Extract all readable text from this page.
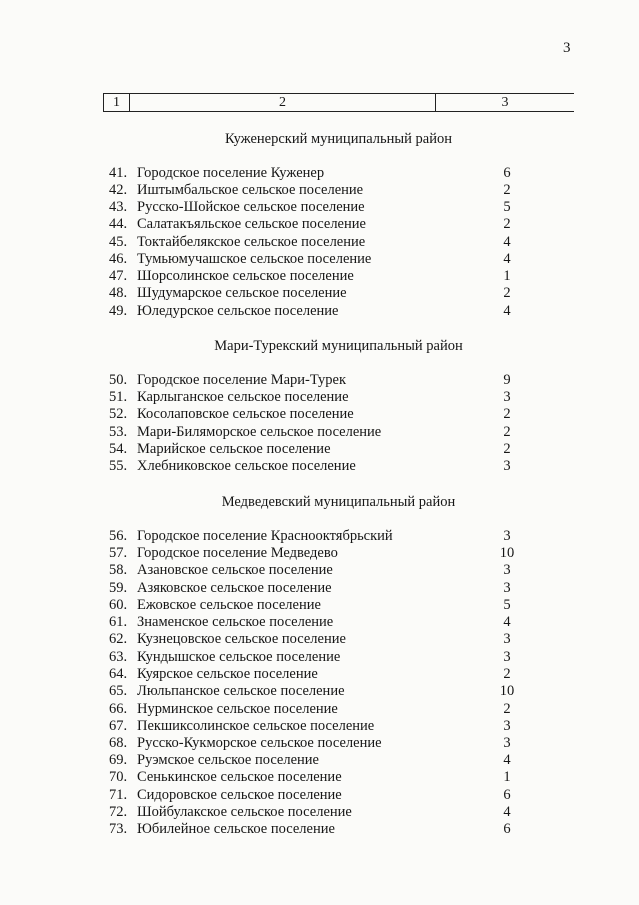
3
1	2	3
Куженерский муниципальный район
41. Городское поселение Куженер	6
42. Иштымбальское сельское поселение	2
43. Русско-Шойское сельское поселение	5
44. Салатакъяльское сельское поселение	2
45. Токтайбелякское сельское поселение	4
46. Тумьюмучашское сельское поселение	4
47. Шорсолинское сельское поселение	1
48. Шудумарское сельское поселение	2
49. Юледурское сельское поселение	4
Мари-Турекский муниципальный район
50. Городское поселение Мари-Турек	9
51. Карлыганское сельское поселение	3
52. Косолаповское сельское поселение	2
53. Мари-Биляморское сельское поселение	2
54. Марийское сельское поселение	2
55. Хлебниковское сельское поселение	3
Медведевский муниципальный район
56. Городское поселение Краснооктябрьский	3
57. Городское поселение Медведево	10
58. Азановское сельское поселение	3
59. Азяковское сельское поселение	3
60. Ежовское сельское поселение	5
61. Знаменское сельское поселение	4
62. Кузнецовское сельское поселение	3
63. Кундышское сельское поселение	3
64. Куярское сельское поселение	2
65. Люльпанское сельское поселение	10
66. Нурминское сельское поселение	2
67. Пекшиксолинское сельское поселение	3
68. Русско-Кукморское сельское поселение	3
69. Руэмское сельское поселение	4
70. Сенькинское сельское поселение	1
71. Сидоровское сельское поселение	6
72. Шойбулакское сельское поселение	4
73. Юбилейное сельское поселение	6
